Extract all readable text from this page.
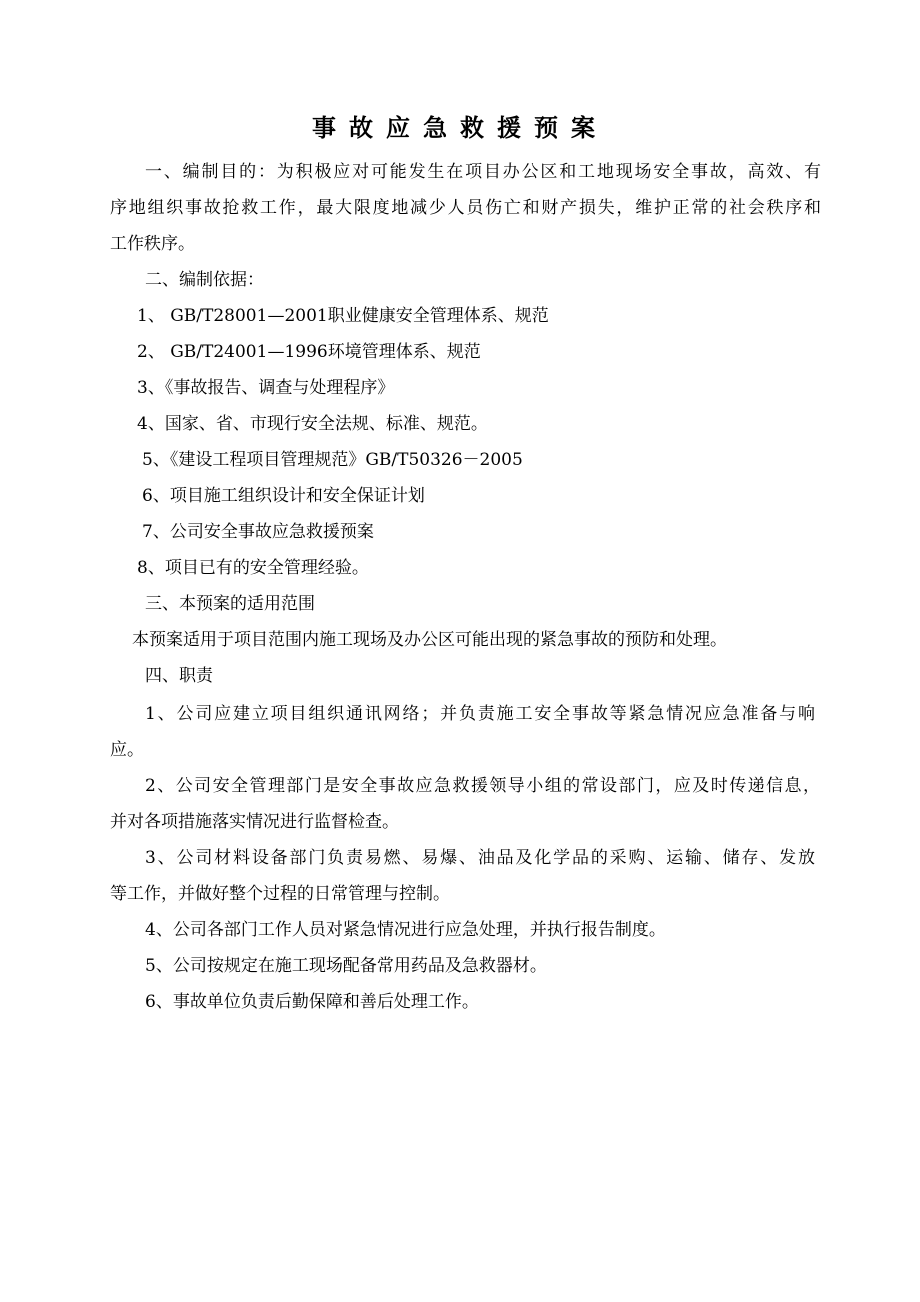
事故应急救援预案
一、编制目的：为积极应对可能发生在项目办公区和工地现场安全事故，高效、有
序地组织事故抢救工作，最大限度地减少人员伤亡和财产损失，维护正常的社会秩序和
工作秩序。
二、编制依据：
1、 GB/T28001—2001职业健康安全管理体系、规范
2、 GB/T24001—1996环境管理体系、规范
3、《事故报告、调查与处理程序》
4、国家、省、市现行安全法规、标准、规范。
5、《建设工程项目管理规范》GB/T50326－2005
6、项目施工组织设计和安全保证计划
7、公司安全事故应急救援预案
8、项目已有的安全管理经验。
三、本预案的适用范围
本预案适用于项目范围内施工现场及办公区可能出现的紧急事故的预防和处理。
四、职责
1、公司应建立项目组织通讯网络；并负责施工安全事故等紧急情况应急准备与响
应。
2、公司安全管理部门是安全事故应急救援领导小组的常设部门，应及时传递信息，
并对各项措施落实情况进行监督检查。
3、公司材料设备部门负责易燃、易爆、油品及化学品的采购、运输、储存、发放
等工作，并做好整个过程的日常管理与控制。
4、公司各部门工作人员对紧急情况进行应急处理，并执行报告制度。
5、公司按规定在施工现场配备常用药品及急救器材。
6、事故单位负责后勤保障和善后处理工作。
